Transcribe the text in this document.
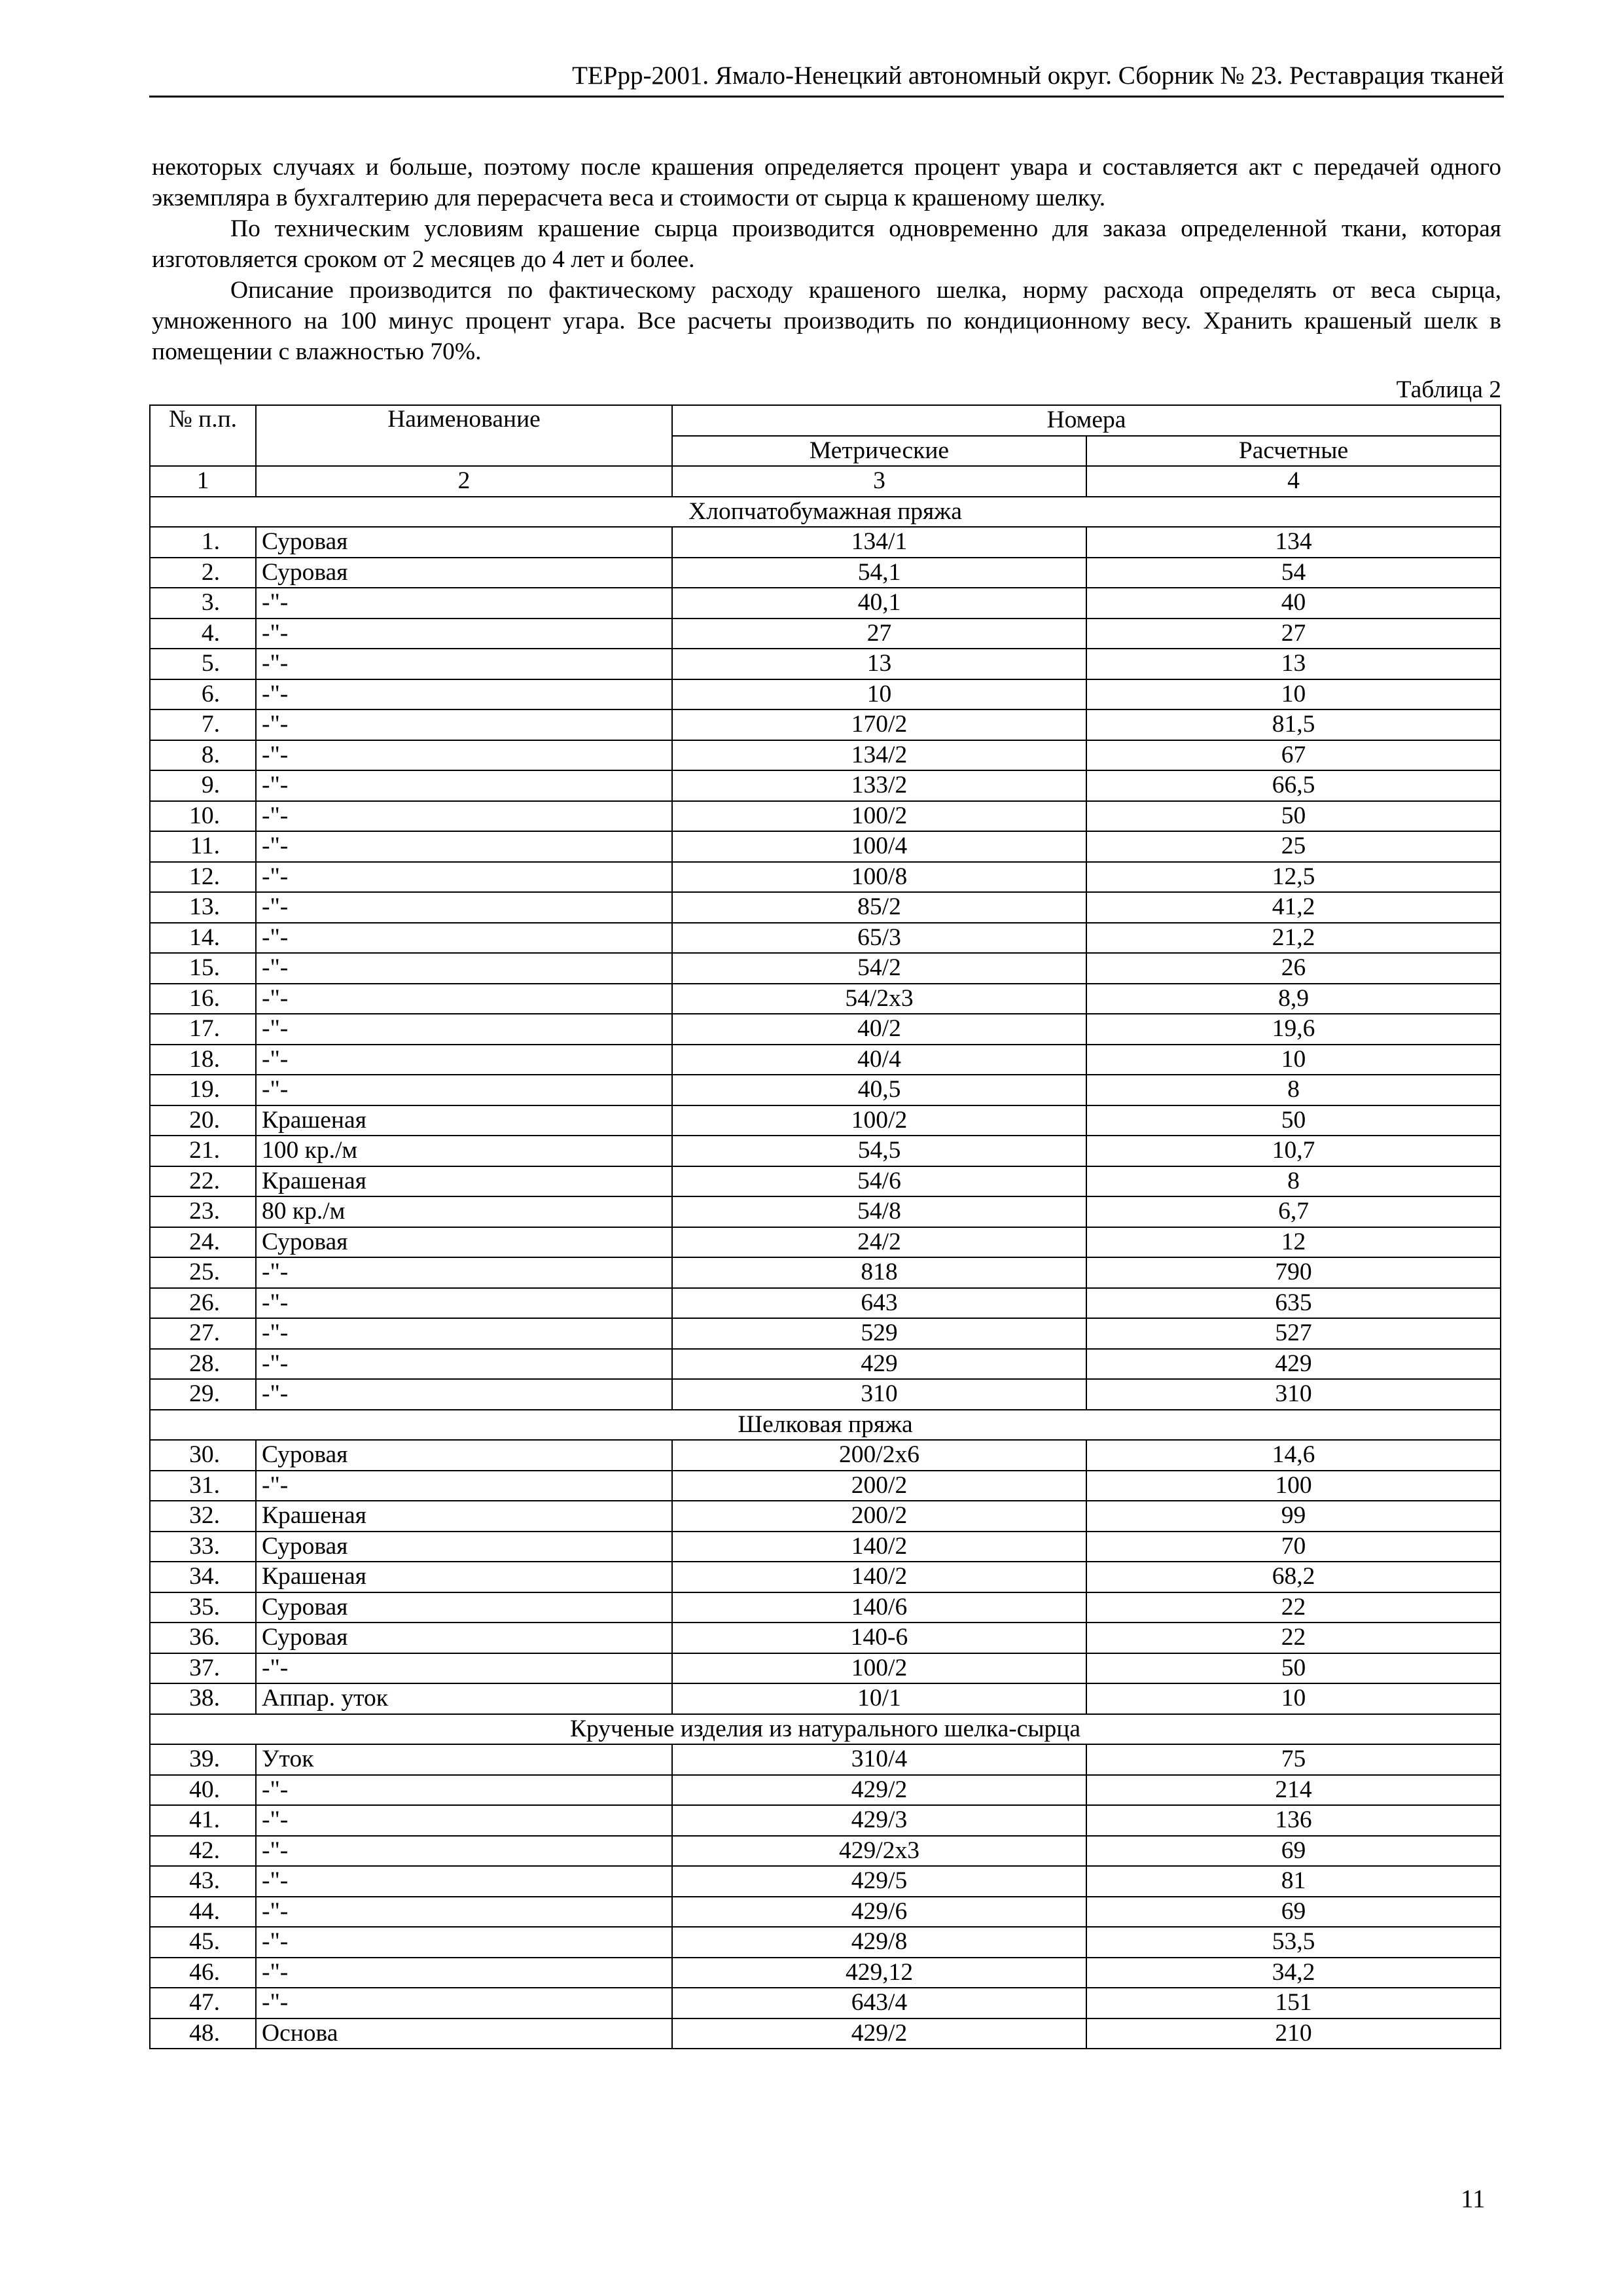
ТЕРрр-2001. Ямало-Ненецкий автономный округ. Сборник № 23. Реставрация тканей

некоторых случаях и больше, поэтому после крашения определяется процент увара и составляется акт с передачей одного экземпляра в бухгалтерию для перерасчета веса и стоимости от сырца к крашеному шелку.

По техническим условиям крашение сырца производится одновременно для заказа определенной ткани, которая изготовляется сроком от 2 месяцев до 4 лет и более.

Описание производится по фактическому расходу крашеного шелка, норму расхода определять от веса сырца, умноженного на 100 минус процент угара. Все расчеты производить по кондиционному весу. Хранить крашеный шелк в помещении с влажностью 70%.

Таблица 2
№ п.п.	Наименование	Номера	
		Метрические	Расчетные
1	2	3	4
Хлопчатобумажная пряжа			
1.	Суровая	134/1	134
2.	Суровая	54,1	54
3.	-"-	40,1	40
4.	-"-	27	27
5.	-"-	13	13
6.	-"-	10	10
7.	-"-	170/2	81,5
8.	-"-	134/2	67
9.	-"-	133/2	66,5
10.	-"-	100/2	50
11.	-"-	100/4	25
12.	-"-	100/8	12,5
13.	-"-	85/2	41,2
14.	-"-	65/3	21,2
15.	-"-	54/2	26
16.	-"-	54/2х3	8,9
17.	-"-	40/2	19,6
18.	-"-	40/4	10
19.	-"-	40,5	8
20.	Крашеная	100/2	50
21.	100 кр./м	54,5	10,7
22.	Крашеная	54/6	8
23.	80 кр./м	54/8	6,7
24.	Суровая	24/2	12
25.	-"-	818	790
26.	-"-	643	635
27.	-"-	529	527
28.	-"-	429	429
29.	-"-	310	310
Шелковая пряжа			
30.	Суровая	200/2х6	14,6
31.	-"-	200/2	100
32.	Крашеная	200/2	99
33.	Суровая	140/2	70
34.	Крашеная	140/2	68,2
35.	Суровая	140/6	22
36.	Суровая	140-6	22
37.	-"-	100/2	50
38.	Аппар. уток	10/1	10
Крученые изделия из натурального шелка-сырца			
39.	Уток	310/4	75
40.	-"-	429/2	214
41.	-"-	429/3	136
42.	-"-	429/2х3	69
43.	-"-	429/5	81
44.	-"-	429/6	69
45.	-"-	429/8	53,5
46.	-"-	429,12	34,2
47.	-"-	643/4	151
48.	Основа	429/2	210
11
